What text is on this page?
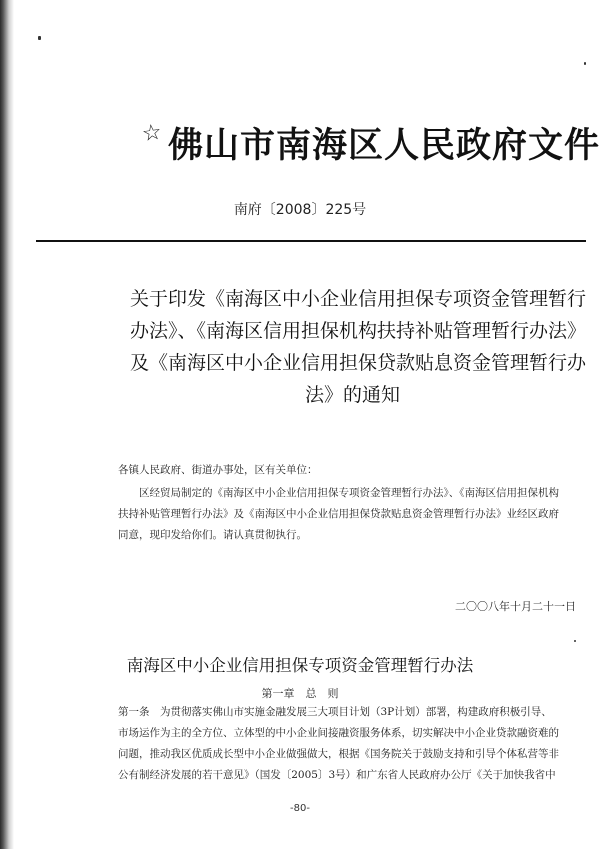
☆ 佛山市南海区人民政府文件
南府〔2008〕225号
关于印发《南海区中小企业信用担保专项资金管理暂行
办法》、《南海区信用担保机构扶持补贴管理暂行办法》
及《南海区中小企业信用担保贷款贴息资金管理暂行办
法》的通知
各镇人民政府、街道办事处，区有关单位：
区经贸局制定的《南海区中小企业信用担保专项资金管理暂行办法》、《南海区信用担保机构
扶持补贴管理暂行办法》及《南海区中小企业信用担保贷款贴息资金管理暂行办法》业经区政府
同意，现印发给你们。请认真贯彻执行。
二〇〇八年十月二十一日
南海区中小企业信用担保专项资金管理暂行办法
第一章　总　则
第一条　为贯彻落实佛山市实施金融发展三大项目计划（3P计划）部署，构建政府积极引导、
市场运作为主的全方位、立体型的中小企业间接融资服务体系，切实解决中小企业贷款融资难的
问题，推动我区优质成长型中小企业做强做大，根据《国务院关于鼓励支持和引导个体私营等非
公有制经济发展的若干意见》（国发〔2005〕3号）和广东省人民政府办公厅《关于加快我省中
-80-
